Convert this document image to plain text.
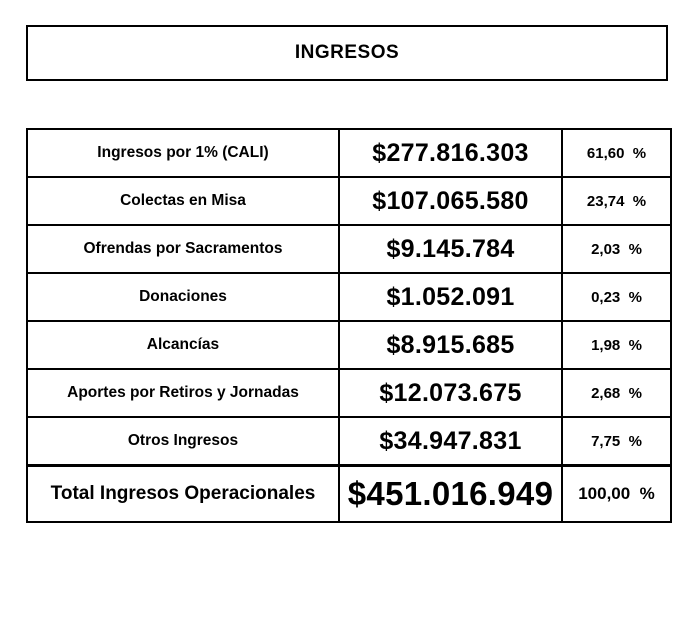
INGRESOS
Ingresos por 1% (CALI)	$277.816.303	61,60  %
Colectas en Misa	$107.065.580	23,74  %
Ofrendas por Sacramentos	$9.145.784	2,03  %
Donaciones	$1.052.091	0,23  %
Alcancías	$8.915.685	1,98  %
Aportes por Retiros y Jornadas	$12.073.675	2,68  %
Otros Ingresos	$34.947.831	7,75  %
Total Ingresos Operacionales	$451.016.949	100,00  %
